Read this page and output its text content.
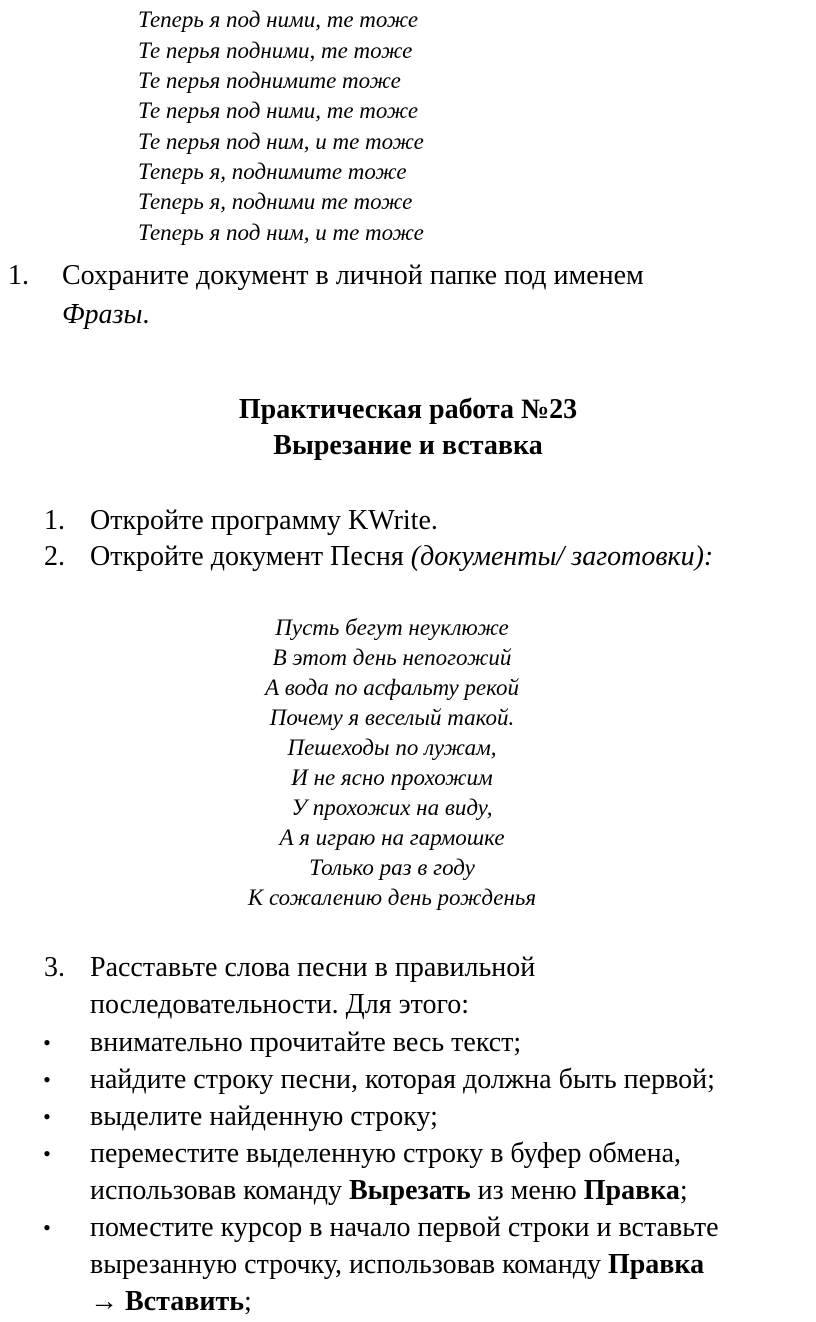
Теперь я под ними, те тоже
Те перья подними, те тоже
Те перья поднимите тоже
Те перья под ними, те тоже
Те перья под ним, и те тоже
Теперь я, поднимите тоже
Теперь я, подними те тоже
Теперь я под ним, и те тоже
1. Сохраните документ в личной папке под именем
Фразы.
Практическая работа №23
Вырезание и вставка
1. Откройте программу KWrite.
2. Откройте документ Песня (документы/ заготовки):
Пусть бегут неуклюже
В этот день непогожий
А вода по асфальту рекой
Почему я веселый такой.
Пешеходы по лужам,
И не ясно прохожим
У прохожих на виду,
А я играю на гармошке
Только раз в году
К сожалению день рожденья
3. Расставьте слова песни в правильной
последовательности. Для этого:
• внимательно прочитайте весь текст;
• найдите строку песни, которая должна быть первой;
• выделите найденную строку;
• переместите выделенную строку в буфер обмена,
использовав команду Вырезать из меню Правка;
• поместите курсор в начало первой строки и вставьте
вырезанную строчку, использовав команду Правка
→ Вставить;
